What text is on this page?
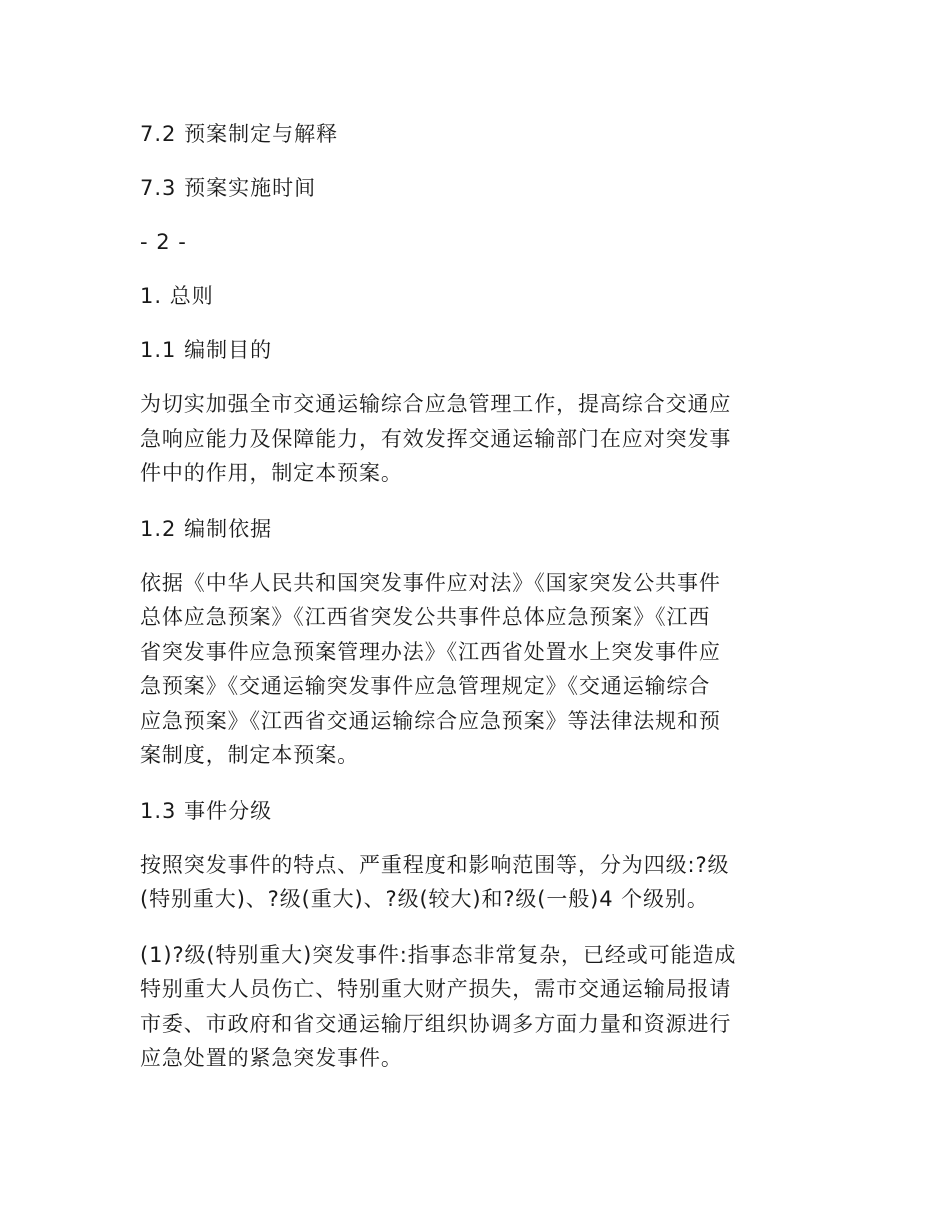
7.2 预案制定与解释

7.3 预案实施时间

- 2 -

1. 总则

1.1 编制目的

为切实加强全市交通运输综合应急管理工作，提高综合交通应
急响应能力及保障能力，有效发挥交通运输部门在应对突发事
件中的作用，制定本预案。

1.2 编制依据

依据《中华人民共和国突发事件应对法》《国家突发公共事件
总体应急预案》《江西省突发公共事件总体应急预案》《江西
省突发事件应急预案管理办法》《江西省处置水上突发事件应
急预案》《交通运输突发事件应急管理规定》《交通运输综合
应急预案》《江西省交通运输综合应急预案》等法律法规和预
案制度，制定本预案。

1.3 事件分级

按照突发事件的特点、严重程度和影响范围等，分为四级:?级
(特别重大)、?级(重大)、?级(较大)和?级(一般)4 个级别。
(1)?级(特别重大)突发事件:指事态非常复杂，已经或可能造成
特别重大人员伤亡、特别重大财产损失，需市交通运输局报请
市委、市政府和省交通运输厅组织协调多方面力量和资源进行
应急处置的紧急突发事件。
